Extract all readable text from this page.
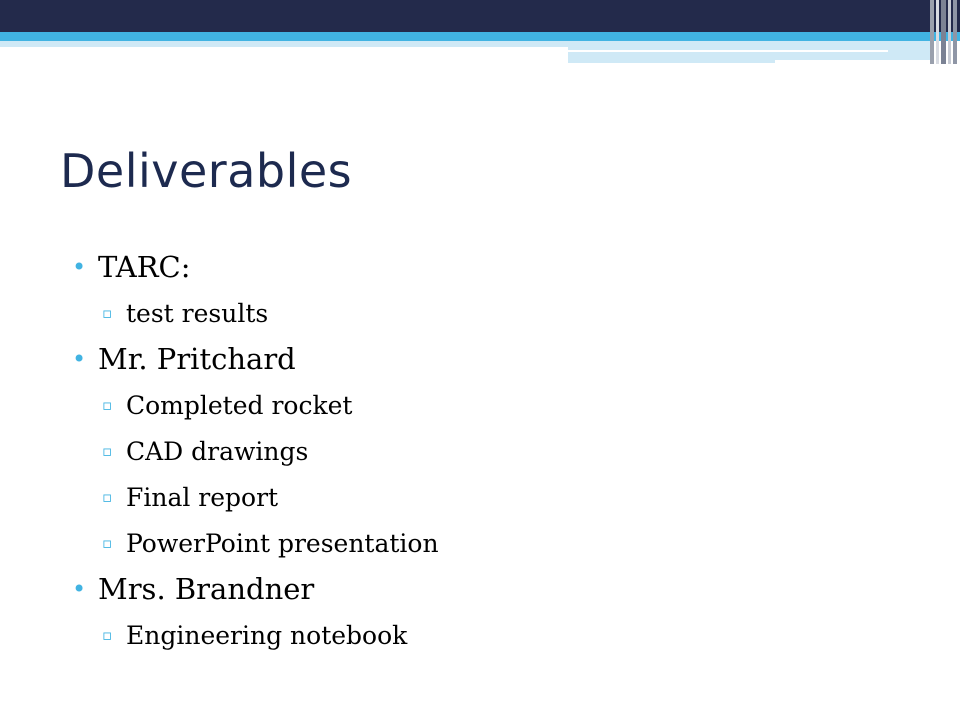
Deliverables
• TARC:
▫ test results
• Mr. Pritchard
▫ Completed rocket
▫ CAD drawings
▫ Final report
▫ PowerPoint presentation
• Mrs. Brandner
▫ Engineering notebook
